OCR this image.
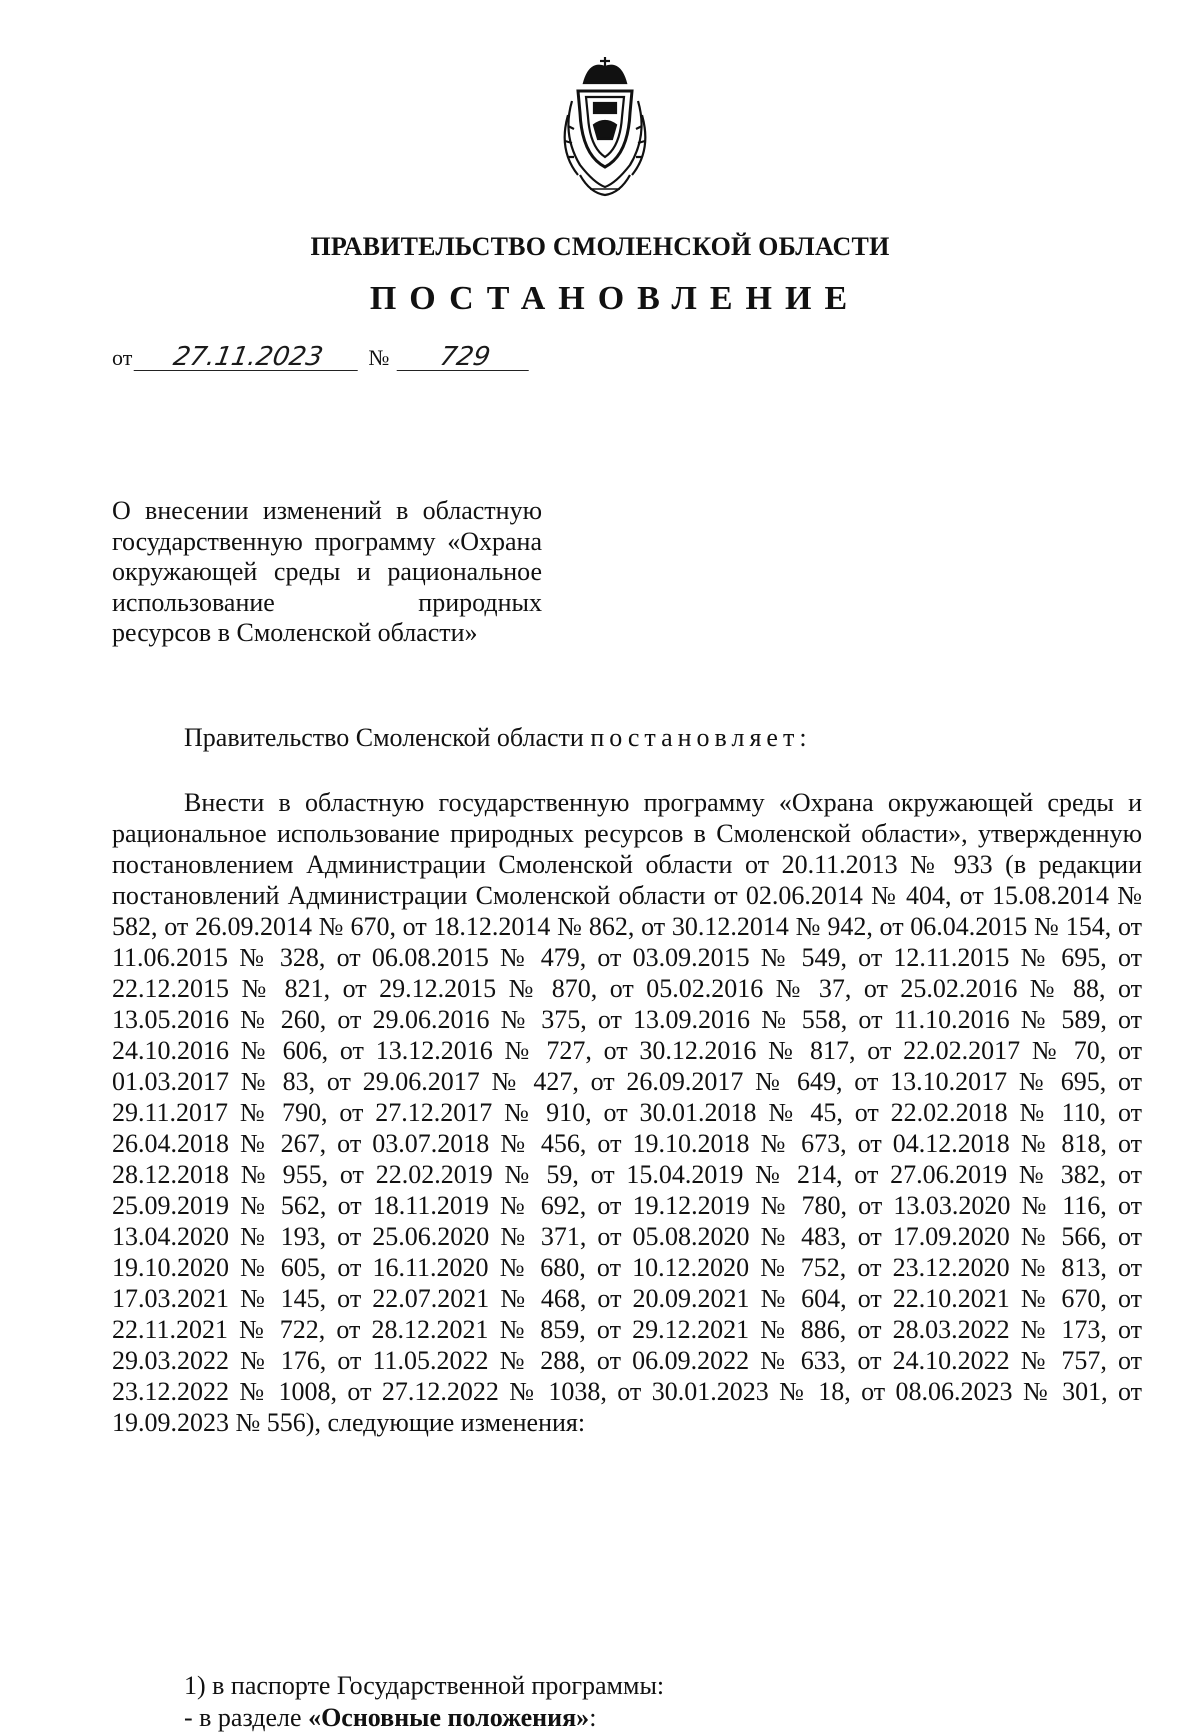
ПРАВИТЕЛЬСТВО СМОЛЕНСКОЙ ОБЛАСТИ
ПОСТАНОВЛЕНИЕ
от 27.11.2023 № 729
О внесении изменений в областную государственную программу «Охрана окружающей среды и рациональное использование природных
ресурсов в Смоленской области»
Правительство Смоленской области постановляет:

Внести в областную государственную программу «Охрана окружающей среды и рациональное использование природных ресурсов в Смоленской области», утвержденную постановлением Администрации Смоленской области от 20.11.2013 № 933 (в редакции постановлений Администрации Смоленской области от 02.06.2014 № 404, от 15.08.2014 № 582, от 26.09.2014 № 670, от 18.12.2014 № 862, от 30.12.2014 № 942, от 06.04.2015 № 154, от 11.06.2015 № 328, от 06.08.2015 № 479, от 03.09.2015 № 549, от 12.11.2015 № 695, от 22.12.2015 № 821, от 29.12.2015 № 870, от 05.02.2016 № 37, от 25.02.2016 № 88, от 13.05.2016 № 260, от 29.06.2016 № 375, от 13.09.2016 № 558, от 11.10.2016 № 589, от 24.10.2016 № 606, от 13.12.2016 № 727, от 30.12.2016 № 817, от 22.02.2017 № 70, от 01.03.2017 № 83, от 29.06.2017 № 427, от 26.09.2017 № 649, от 13.10.2017 № 695, от 29.11.2017 № 790, от 27.12.2017 № 910, от 30.01.2018 № 45, от 22.02.2018 № 110, от 26.04.2018 № 267, от 03.07.2018 № 456, от 19.10.2018 № 673, от 04.12.2018 № 818, от 28.12.2018 № 955, от 22.02.2019 № 59, от 15.04.2019 № 214, от 27.06.2019 № 382, от 25.09.2019 № 562, от 18.11.2019 № 692, от 19.12.2019 № 780, от 13.03.2020 № 116, от 13.04.2020 № 193, от 25.06.2020 № 371, от 05.08.2020 № 483, от 17.09.2020 № 566, от 19.10.2020 № 605, от 16.11.2020 № 680, от 10.12.2020 № 752, от 23.12.2020 № 813, от 17.03.2021 № 145, от 22.07.2021 № 468, от 20.09.2021 № 604, от 22.10.2021 № 670, от 22.11.2021 № 722, от 28.12.2021 № 859, от 29.12.2021 № 886, от 28.03.2022 № 173, от 29.03.2022 № 176, от 11.05.2022 № 288, от 06.09.2022 № 633, от 24.10.2022 № 757, от 23.12.2022 № 1008, от 27.12.2022 № 1038, от 30.01.2023 № 18, от 08.06.2023 № 301, от 19.09.2023 № 556), следующие изменения:

1) в паспорте Государственной программы:
- в разделе «Основные положения»:
